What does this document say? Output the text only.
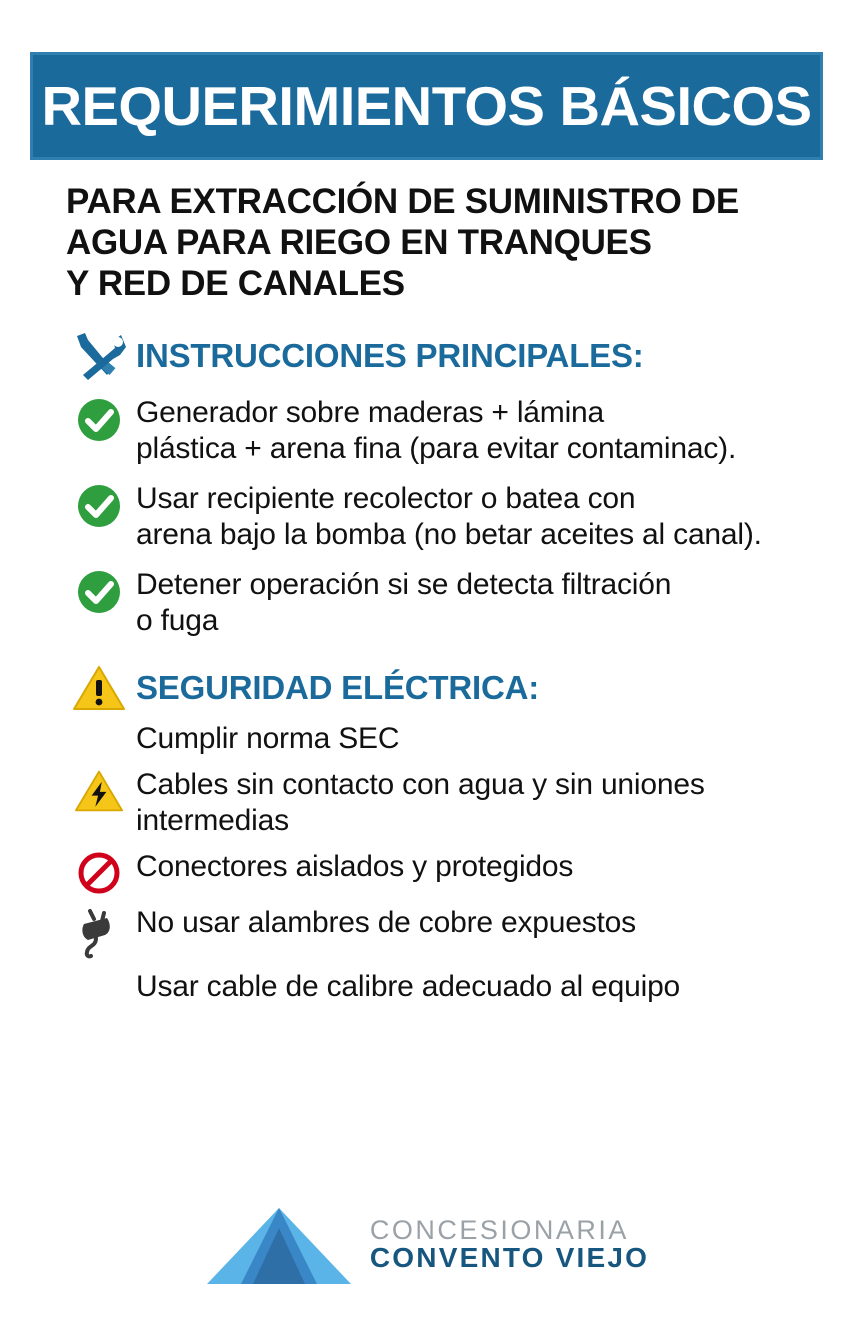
REQUERIMIENTOS BÁSICOS
PARA EXTRACCIÓN DE SUMINISTRO DE
AGUA PARA RIEGO EN TRANQUES
Y RED DE CANALES
INSTRUCCIONES PRINCIPALES:
Generador sobre maderas + lámina
plástica + arena fina (para evitar contaminac).
Usar recipiente recolector o batea con
arena bajo la bomba (no betar aceites al canal).
Detener operación si se detecta filtración
o fuga
SEGURIDAD ELÉCTRICA:
Cumplir norma SEC
Cables sin contacto con agua y sin uniones
intermedias
Conectores aislados y protegidos
No usar alambres de cobre expuestos
Usar cable de calibre adecuado al equipo
CONCESIONARIA
CONVENTO VIEJO
